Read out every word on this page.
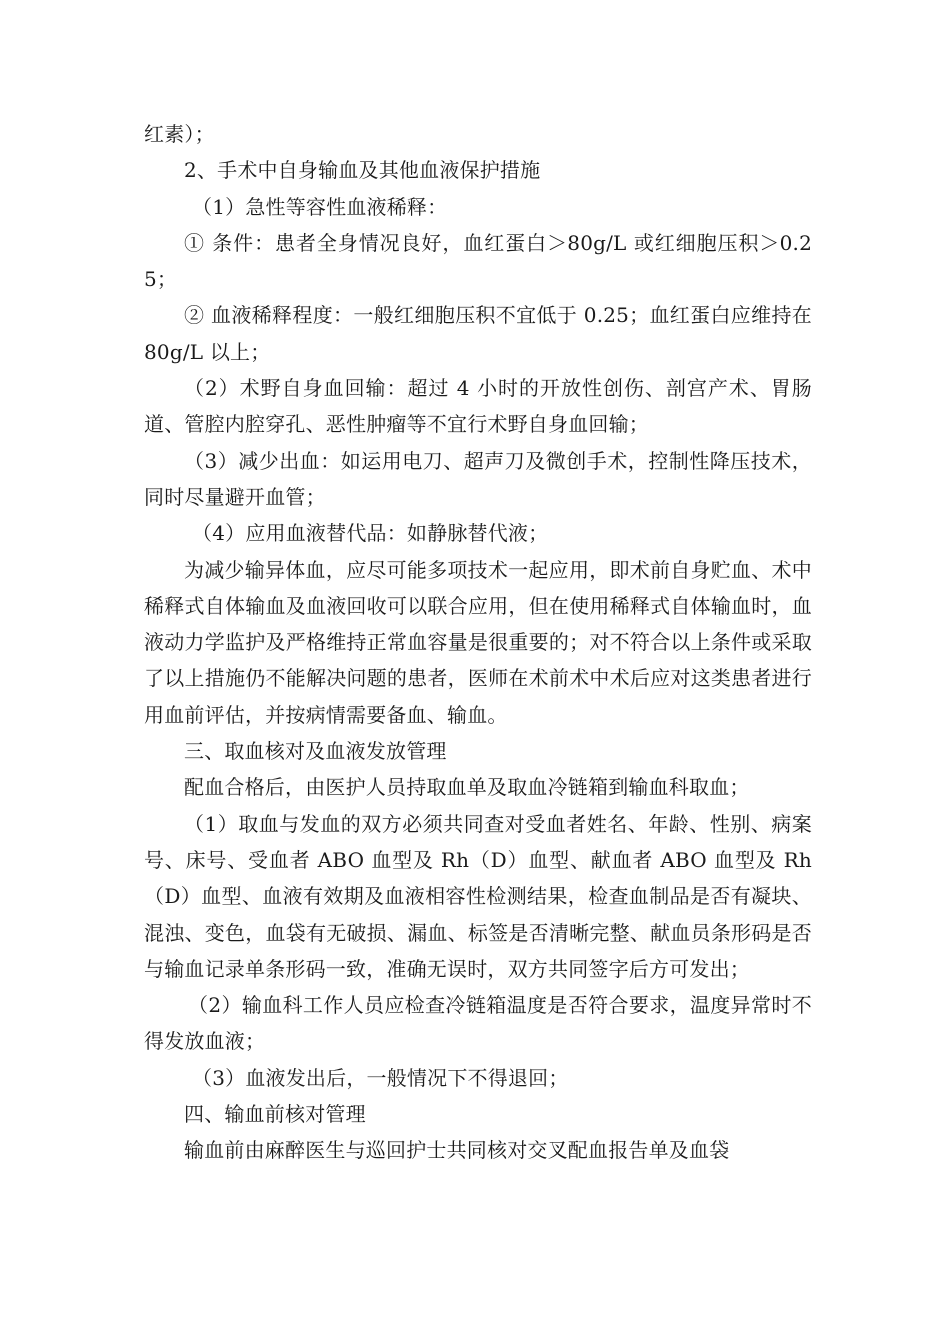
红素）；

2、手术中自身输血及其他血液保护措施

（1）急性等容性血液稀释：

① 条件：患者全身情况良好，血红蛋白＞80g/L 或红细胞压积＞0.25；

② 血液稀释程度：一般红细胞压积不宜低于 0.25；血红蛋白应维持在 80g/L 以上；

（2）术野自身血回输：超过 4 小时的开放性创伤、剖宫产术、胃肠道、管腔内腔穿孔、恶性肿瘤等不宜行术野自身血回输；

（3）减少出血：如运用电刀、超声刀及微创手术，控制性降压技术，同时尽量避开血管；

（4）应用血液替代品：如静脉替代液；

为减少输异体血，应尽可能多项技术一起应用，即术前自身贮血、术中稀释式自体输血及血液回收可以联合应用，但在使用稀释式自体输血时，血液动力学监护及严格维持正常血容量是很重要的；对不符合以上条件或采取了以上措施仍不能解决问题的患者，医师在术前术中术后应对这类患者进行用血前评估，并按病情需要备血、输血。

三、取血核对及血液发放管理

配血合格后，由医护人员持取血单及取血冷链箱到输血科取血；

（1）取血与发血的双方必须共同查对受血者姓名、年龄、性别、病案号、床号、受血者 ABO 血型及 Rh（D）血型、献血者 ABO 血型及 Rh（D）血型、血液有效期及血液相容性检测结果，检查血制品是否有凝块、混浊、变色，血袋有无破损、漏血、标签是否清晰完整、献血员条形码是否与输血记录单条形码一致，准确无误时，双方共同签字后方可发出；

（2）输血科工作人员应检查冷链箱温度是否符合要求，温度异常时不得发放血液；

（3）血液发出后，一般情况下不得退回；

四、输血前核对管理

输血前由麻醉医生与巡回护士共同核对交叉配血报告单及血袋
